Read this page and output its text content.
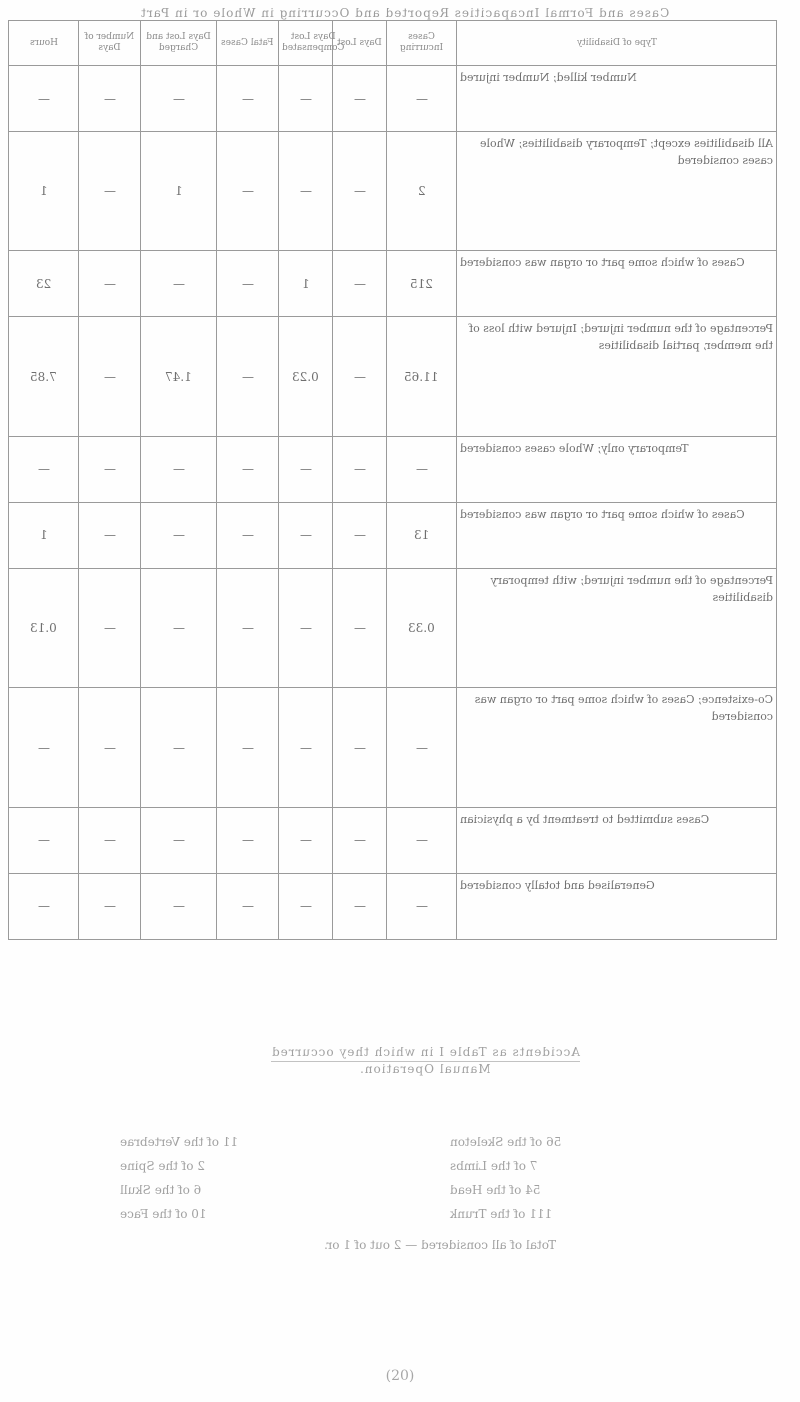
Cases and Formal Incapacities Reported and Occurring in Whole or in Part
Hours	Number of Days	Days Lost and Charged	Fatal Cases	Days Lost Compensated	Days Lost	Cases Incurring	Type of Disability
—	—	—	—	—	—	—	Number killed; Number injured
1	—	1	—	—	—	2	All disabilities except; Temporary disabilities; Whole cases considered
23	—	—	—	1	—	215	Cases of which some part or organ was considered
7.85	—	1.47	—	0.23	—	11.65	Percentage of the number injured; Injured with loss of the member, partial disabilities
—	—	—	—	—	—	—	Temporary only; Whole cases considered
1	—	—	—	—	—	13	Cases of which some part or organ was considered
0.13	—	—	—	—	—	0.33	Percentage of the number injured; with temporary disabilities
—	—	—	—	—	—	—	Co-existence; Cases of which some part or organ was considered
—	—	—	—	—	—	—	Cases submitted to treatment by a physician
—	—	—	—	—	—	—	Generalised and totally considered
Accidents as Table I in which they occurred
Manual Operation.
11 of the Vertebrae
2 of the Spine
6 of the Skull
10 of the Face
56 of the Skeleton
7 of the Limbs
54 of the Head
111 of the Trunk
Total of all considered — 2 out of 1 or.
(20)
